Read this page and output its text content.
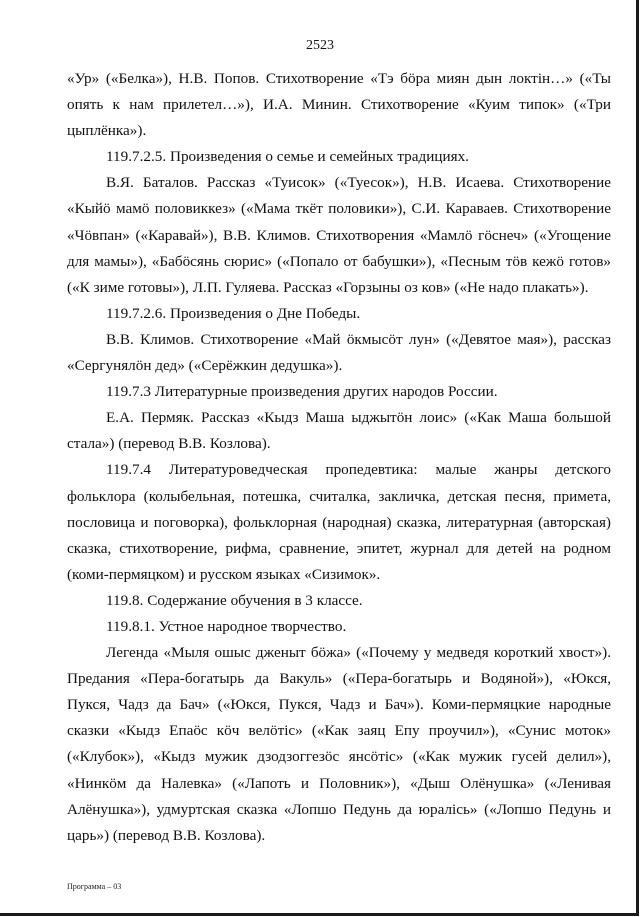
2523

«Ур» («Белка»), Н.В. Попов. Стихотворение «Тэ бӧра миян дын локтін…» («Ты опять к нам прилетел…»), И.А. Минин. Стихотворение «Куим типок» («Три цыплёнка»).

119.7.2.5. Произведения о семье и семейных традициях.

В.Я. Баталов. Рассказ «Туисок» («Туесок»), Н.В. Исаева. Стихотворение «Кыйӧ мамӧ половиккез» («Мама ткёт половики»), С.И. Караваев. Стихотворение «Чӧвпан» («Каравай»), В.В. Климов. Стихотворения «Мамлӧ гӧснеч» («Угощение для мамы»), «Бабӧсянь сюрис» («Попало от бабушки»), «Песным тӧв кежӧ готов» («К зиме готовы»), Л.П. Гуляева. Рассказ «Горзыны оз ков» («Не надо плакать»).

119.7.2.6. Произведения о Дне Победы.

В.В. Климов. Стихотворение «Май ӧкмысӧт лун» («Девятое мая»), рассказ «Сергунялӧн дед» («Серёжкин дедушка»).

119.7.3 Литературные произведения других народов России.

Е.А. Пермяк. Рассказ «Кыдз Маша ыджытӧн лоис» («Как Маша большой стала») (перевод В.В. Козлова).

119.7.4 Литературоведческая пропедевтика: малые жанры детского фольклора (колыбельная, потешка, считалка, закличка, детская песня, примета, пословица и поговорка), фольклорная (народная) сказка, литературная (авторская) сказка, стихотворение, рифма, сравнение, эпитет, журнал для детей на родном (коми-пермяцком) и русском языках «Сизимок».

119.8. Содержание обучения в 3 классе.

119.8.1. Устное народное творчество.

Легенда «Мыля ошыс дженыт бӧжа» («Почему у медведя короткий хвост»). Предания «Пера-богатырь да Вакуль» («Пера-богатырь и Водяной»), «Юкся, Пукся, Чадз да Бач» («Юкся, Пукся, Чадз и Бач»). Коми-пермяцкие народные сказки «Кыдз Епаӧс кӧч вeлӧтiс» («Как заяц Епу проучил»), «Сунис моток» («Клубок»), «Кыдз мужик дзодзоггезӧс янсӧтіс» («Как мужик гусей делил»), «Нинкӧм да Налевка» («Лапоть и Половник»), «Дыш Олёнушка» («Ленивая Алёнушка»), удмуртская сказка «Лопшо Педунь да юралiсь» («Лопшо Педунь и царь») (перевод В.В. Козлова).

Программа – 03
